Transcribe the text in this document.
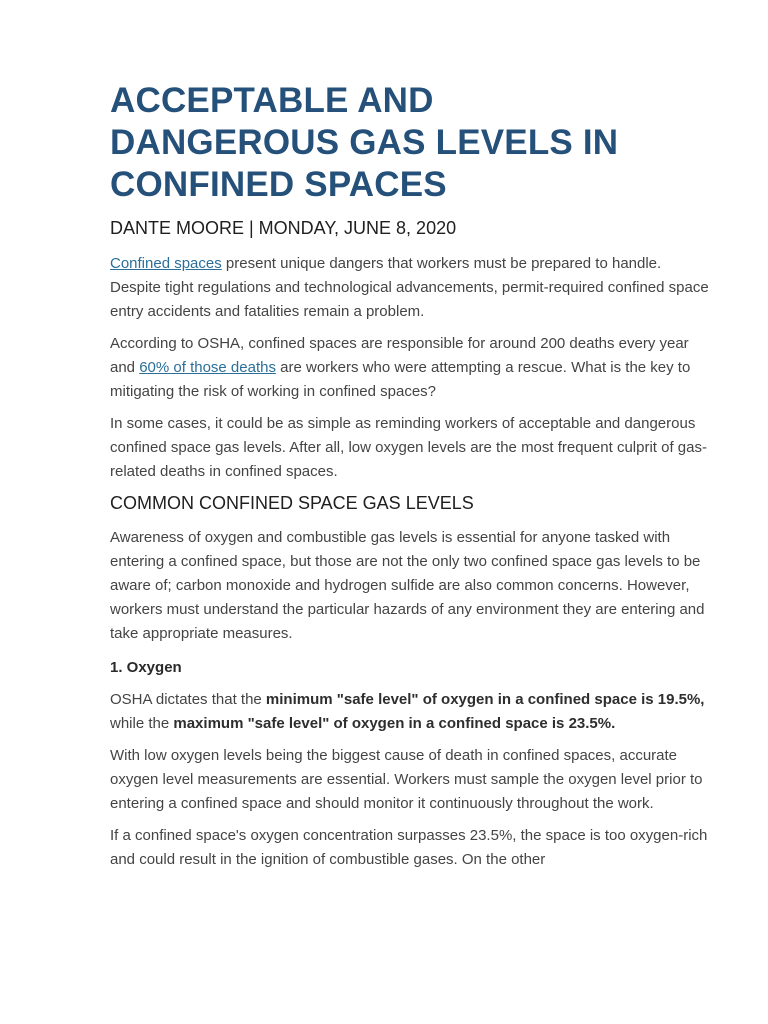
ACCEPTABLE AND
DANGEROUS GAS LEVELS IN
CONFINED SPACES
DANTE MOORE | MONDAY, JUNE 8, 2020

Confined spaces present unique dangers that workers must be prepared to handle. Despite tight regulations and technological advancements, permit-required confined space entry accidents and fatalities remain a problem.

According to OSHA, confined spaces are responsible for around 200 deaths every year and 60% of those deaths are workers who were attempting a rescue. What is the key to mitigating the risk of working in confined spaces?

In some cases, it could be as simple as reminding workers of acceptable and dangerous confined space gas levels. After all, low oxygen levels are the most frequent culprit of gas-related deaths in confined spaces.

COMMON CONFINED SPACE GAS LEVELS

Awareness of oxygen and combustible gas levels is essential for anyone tasked with entering a confined space, but those are not the only two confined space gas levels to be aware of; carbon monoxide and hydrogen sulfide are also common concerns. However, workers must understand the particular hazards of any environment they are entering and take appropriate measures.

1. Oxygen

OSHA dictates that the minimum "safe level" of oxygen in a confined space is 19.5%, while the maximum "safe level" of oxygen in a confined space is 23.5%.

With low oxygen levels being the biggest cause of death in confined spaces, accurate oxygen level measurements are essential. Workers must sample the oxygen level prior to entering a confined space and should monitor it continuously throughout the work.

If a confined space's oxygen concentration surpasses 23.5%, the space is too oxygen-rich and could result in the ignition of combustible gases. On the other
